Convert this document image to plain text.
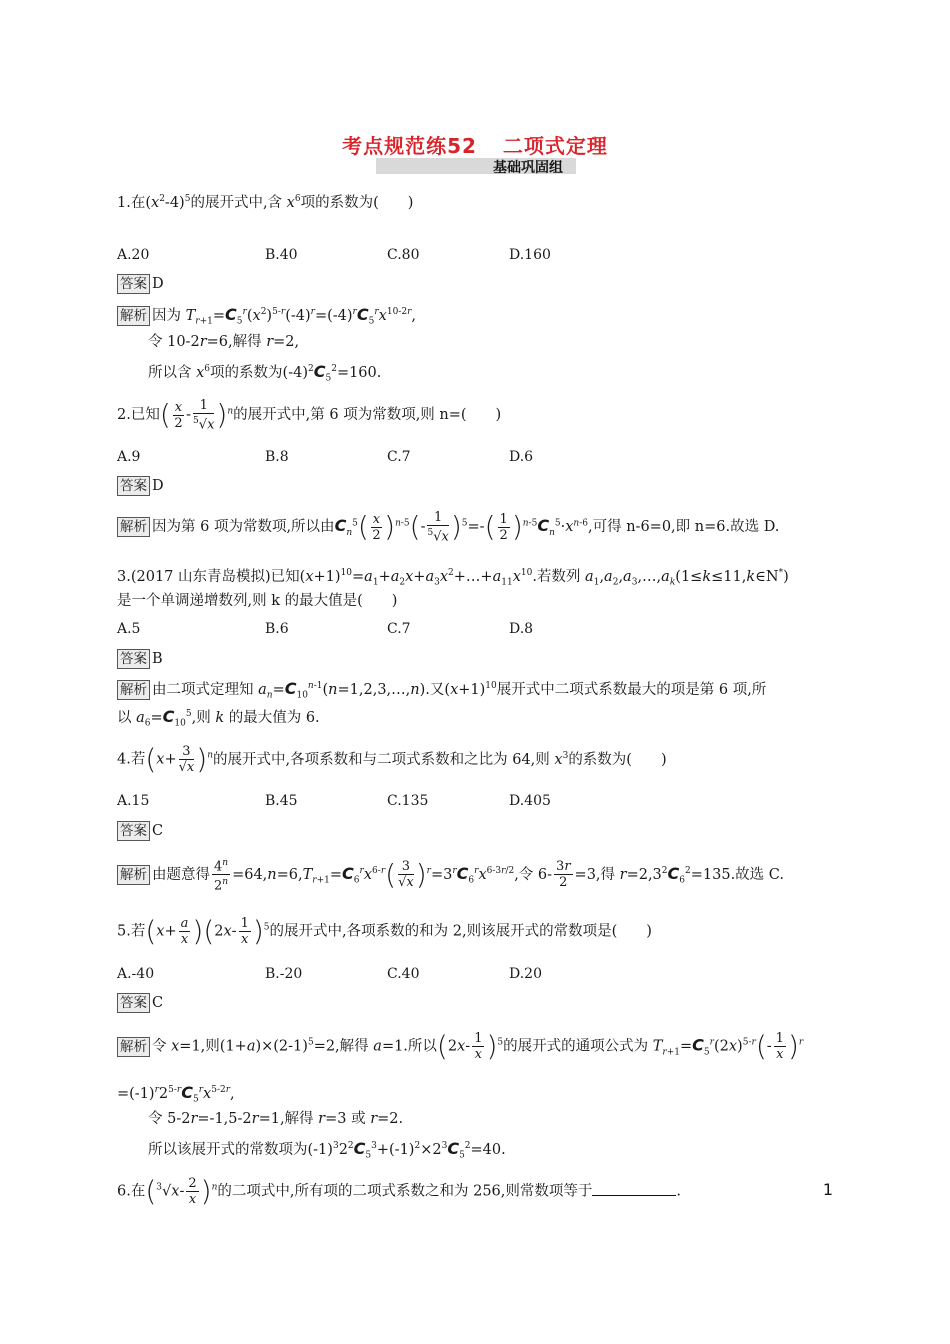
考点规范练52 二项式定理
基础巩固组
1.在$(x^2-4)^5$的展开式中,含 $x^6$项的系数为(　　)
A.20	B.40	C.80	D.160
答案 D
解析 因为 $T_{r+1}=C_5^r(x^2)^{5-r}(-4)^r=(-4)^rC_5^rx^{10-2r}$,
令 10-2r=6,解得 r=2,
所以含 $x^6$项的系数为$(-4)^2C_5^2=160$.
2.已知( $\frac{x}{2} - \frac{1}{^5√x} )^n$的展开式中,第 6 项为常数项,则 n=(　　)
A.9	B.8	C.7	D.6
答案 D
解析 因为第 6 项为常数项,所以由$C_n^5( \frac{x}{2} )^{n-5}(- \frac{1}{^5√x} )^5=-( \frac{1}{2} )^{n-5}C_n^5\cdot x^{n-6}$,可得 n-6=0,即 n=6.故选 D.
3.(2017 山东青岛模拟)已知$(x+1)^{10}=a_1+a_2x+a_3x^2+\dots+a_{11}x^{10}$.若数列 $a_1,a_2,a_3,\dots,a_k(1\le k\le 11,k\in N^*)$
是一个单调递增数列,则 k 的最大值是(　　)
A.5	B.6	C.7	D.8
答案 B
解析 由二项式定理知 $a_n=C_{10}^{n-1}(n=1,2,3,\dots,n)$.又$(x+1)^{10}$展开式中二项式系数最大的项是第 6 项,所
以 $a_6=C_{10}^5$,则 k 的最大值为 6.
4.若$(x+ \frac{3}{√x} )^n$的展开式中,各项系数和与二项式系数和之比为 64,则 $x^3$的系数为(　　)
A.15	B.45	C.135	D.405
答案 C
解析 由题意得 $\frac{4^n}{2^n} =64,n=6,T_{r+1}=C_6^rx^{6-r}( \frac{3}{√x} )^r=3^rC_6^rx^{6-3r/2}$,令 $6- \frac{3r}{2} =3$,得 $r=2,3^2C_6^2=135$.故选 C.
5.若$(x+ \frac{a}{x} )(2x- \frac{1}{x} )^5$的展开式中,各项系数的和为 2,则该展开式的常数项是(　　)
A.-40	B.-20	C.40	D.20
答案 C
解析 令 x=1,则$(1+a)\times(2-1)^5=2$,解得 a=1.所以$(2x- \frac{1}{x} )^5$的展开式的通项公式为 $T_{r+1}=C_5^r(2x)^{5-r}(- \frac{1}{x} )^r$
$=(-1)^r2^{5-r}C_5^rx^{5-2r}$,
令 5-2r=-1,5-2r=1,解得 r=3 或 r=2.
所以该展开式的常数项为$(-1)^32^2C_5^3+(-1)^2\times 2^3C_5^2=40$.
6.在$(^3√x- \frac{2}{x} )^n$的二项式中,所有项的二项式系数之和为 256,则常数项等于	.	1
